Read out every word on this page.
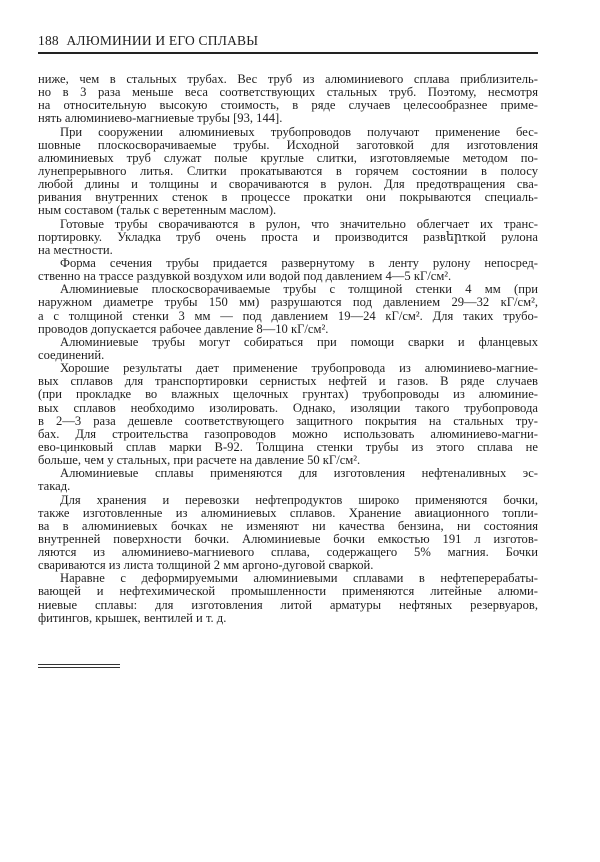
188 АЛЮМИНИИ И ЕГО СПЛАВЫ
ниже, чем в стальных трубах. Вес труб из алюминиевого сплава приблизитель-
но в 3 раза меньше веса соответствующих стальных труб. Поэтому, несмотря
на относительную высокую стоимость, в ряде случаев целесообразнее приме-
нять алюминиево-магниевые трубы [93, 144].
При сооружении алюминиевых трубопроводов получают применение бес-
шовные плоскосворачиваемые трубы. Исходной заготовкой для изготовления
алюминиевых труб служат полые круглые слитки, изготовляемые методом по-
лунепрерывного литья. Слитки прокатываются в горячем состоянии в полосу
любой длины и толщины и сворачиваются в рулон. Для предотвращения сва-
ривания внутренних стенок в процессе прокатки они покрываются специаль-
ным составом (тальк с веретенным маслом).
Готовые трубы сворачиваются в рулон, что значительно облегчает их транс-
портировку. Укладка труб очень проста и производится развերткой рулона
на местности.
Форма сечения трубы придается развернутому в ленту рулону непосред-
ственно на трассе раздувкой воздухом или водой под давлением 4—5 кГ/см².
Алюминиевые плоскосворачиваемые трубы с толщиной стенки 4 мм (при
наружном диаметре трубы 150 мм) разрушаются под давлением 29—32 кГ/см²,
а с толщиной стенки 3 мм — под давлением 19—24 кГ/см². Для таких трубо-
проводов допускается рабочее давление 8—10 кГ/см².
Алюминиевые трубы могут собираться при помощи сварки и фланцевых
соединений.
Хорошие результаты дает применение трубопровода из алюминиево-магние-
вых сплавов для транспортировки сернистых нефтей и газов. В ряде случаев
(при прокладке во влажных щелочных грунтах) трубопроводы из алюминие-
вых сплавов необходимо изолировать. Однако, изоляции такого трубопровода
в 2—3 раза дешевле соответствующего защитного покрытия на стальных тру-
бах. Для строительства газопроводов можно использовать алюминиево-магни-
ево-цинковый сплав марки В-92. Толщина стенки трубы из этого сплава не
больше, чем у стальных, при расчете на давление 50 кГ/см².
Алюминиевые сплавы применяются для изготовления нефтеналивных эс-
такад.
Для хранения и перевозки нефтепродуктов широко применяются бочки,
также изготовленные из алюминиевых сплавов. Хранение авиационного топли-
ва в алюминиевых бочках не изменяют ни качества бензина, ни состояния
внутренней поверхности бочки. Алюминиевые бочки емкостью 191 л изготов-
ляются из алюминиево-магниевого сплава, содержащего 5% магния. Бочки
свариваются из листа толщиной 2 мм аргоно-дуговой сваркой.
Наравне с деформируемыми алюминиевыми сплавами в нефтеперерабаты-
вающей и нефтехимической промышленности применяются литейные алюми-
ниевые сплавы: для изготовления литой арматуры нефтяных резервуаров,
фитингов, крышек, вентилей и т. д.
